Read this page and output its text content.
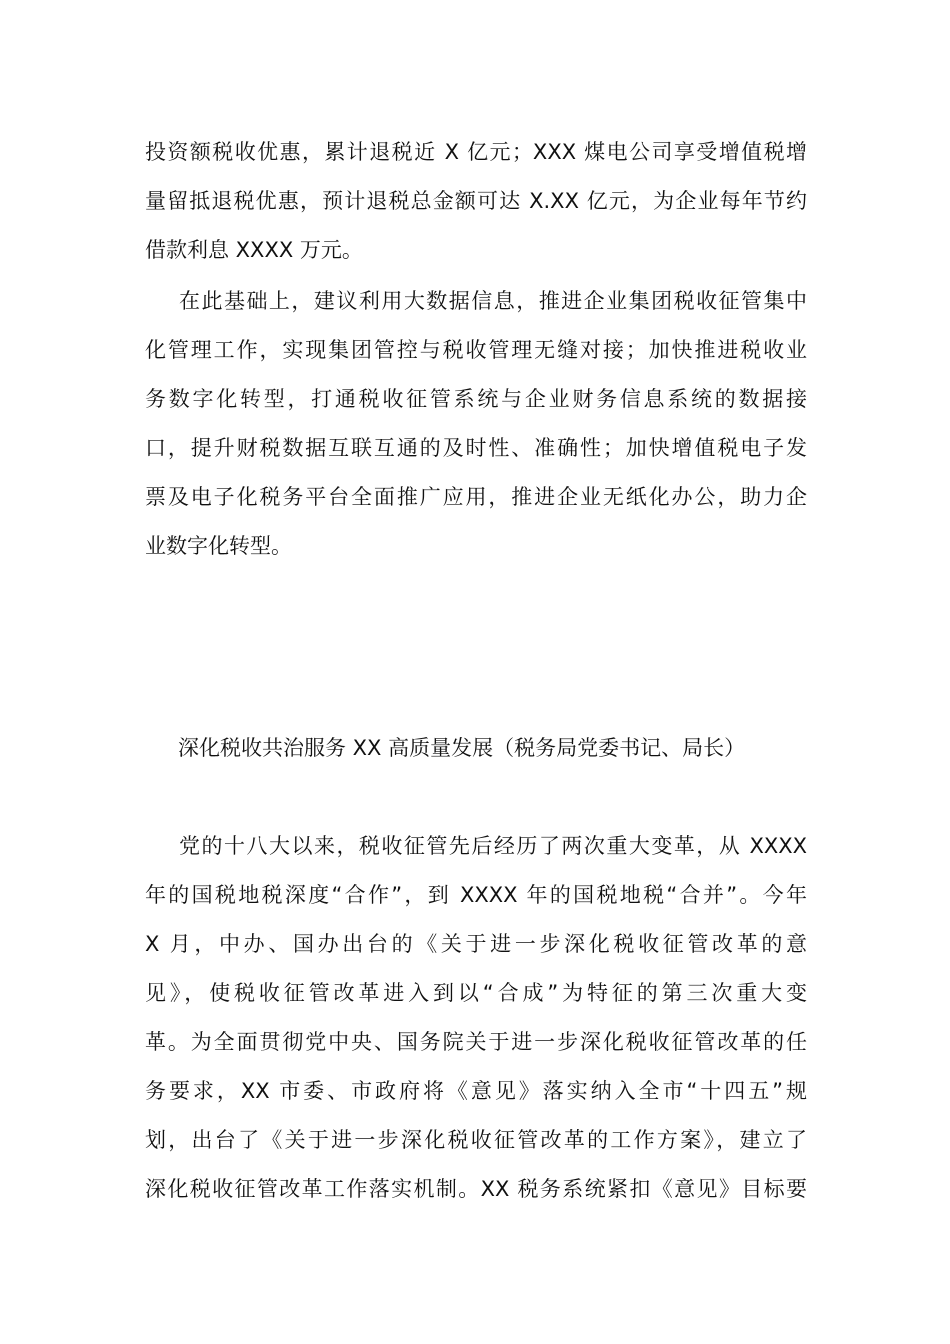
投资额税收优惠，累计退税近 X 亿元；XXX 煤电公司享受增值税增
量留抵退税优惠，预计退税总金额可达 X.XX 亿元，为企业每年节约
借款利息 XXXX 万元。
在此基础上，建议利用大数据信息，推进企业集团税收征管集中
化管理工作，实现集团管控与税收管理无缝对接；加快推进税收业
务数字化转型，打通税收征管系统与企业财务信息系统的数据接
口，提升财税数据互联互通的及时性、准确性；加快增值税电子发
票及电子化税务平台全面推广应用，推进企业无纸化办公，助力企
业数字化转型。
深化税收共治服务 XX 高质量发展（税务局党委书记、局长）
党的十八大以来，税收征管先后经历了两次重大变革，从 XXXX
年的国税地税深度“合作”，到 XXXX 年的国税地税“合并”。今年
X 月，中办、国办出台的《关于进一步深化税收征管改革的意
见》，使税收征管改革进入到以“合成”为特征的第三次重大变
革。为全面贯彻党中央、国务院关于进一步深化税收征管改革的任
务要求，XX 市委、市政府将《意见》落实纳入全市“十四五”规
划，出台了《关于进一步深化税收征管改革的工作方案》，建立了
深化税收征管改革工作落实机制。XX 税务系统紧扣《意见》目标要
